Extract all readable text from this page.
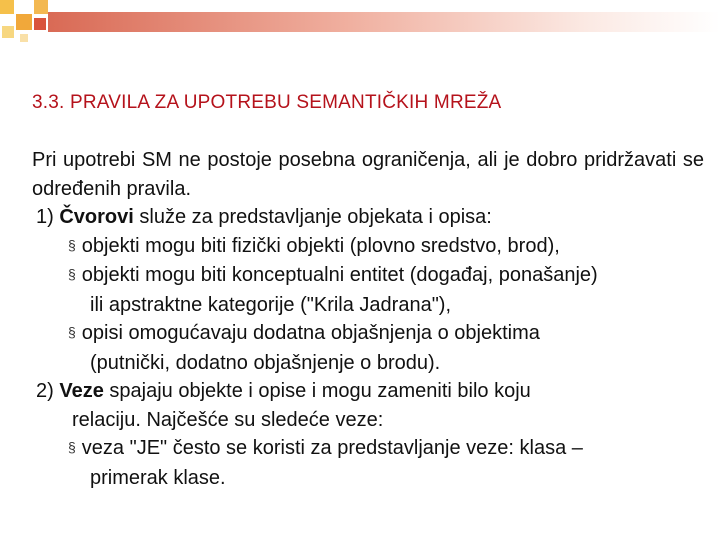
3.3. PRAVILA ZA UPOTREBU SEMANTIČKIH MREŽA
Pri upotrebi SM ne postoje posebna ograničenja, ali je dobro pridržavati se određenih pravila.
1) Čvorovi služe za predstavljanje objekata i opisa:
§ objekti mogu biti fizički objekti (plovno sredstvo, brod),
§ objekti mogu biti konceptualni entitet (događaj, ponašanje)
ili apstraktne kategorije ("Krila Jadrana"),
§ opisi omogućavaju dodatna objašnjenja o objektima
(putnički, dodatno objašnjenje o brodu).
2) Veze spajaju objekte i opise i mogu zameniti bilo koju
relaciju. Najčešće su sledeće veze:
§ veza "JE" često se koristi za predstavljanje veze: klasa –
primerak klase.
